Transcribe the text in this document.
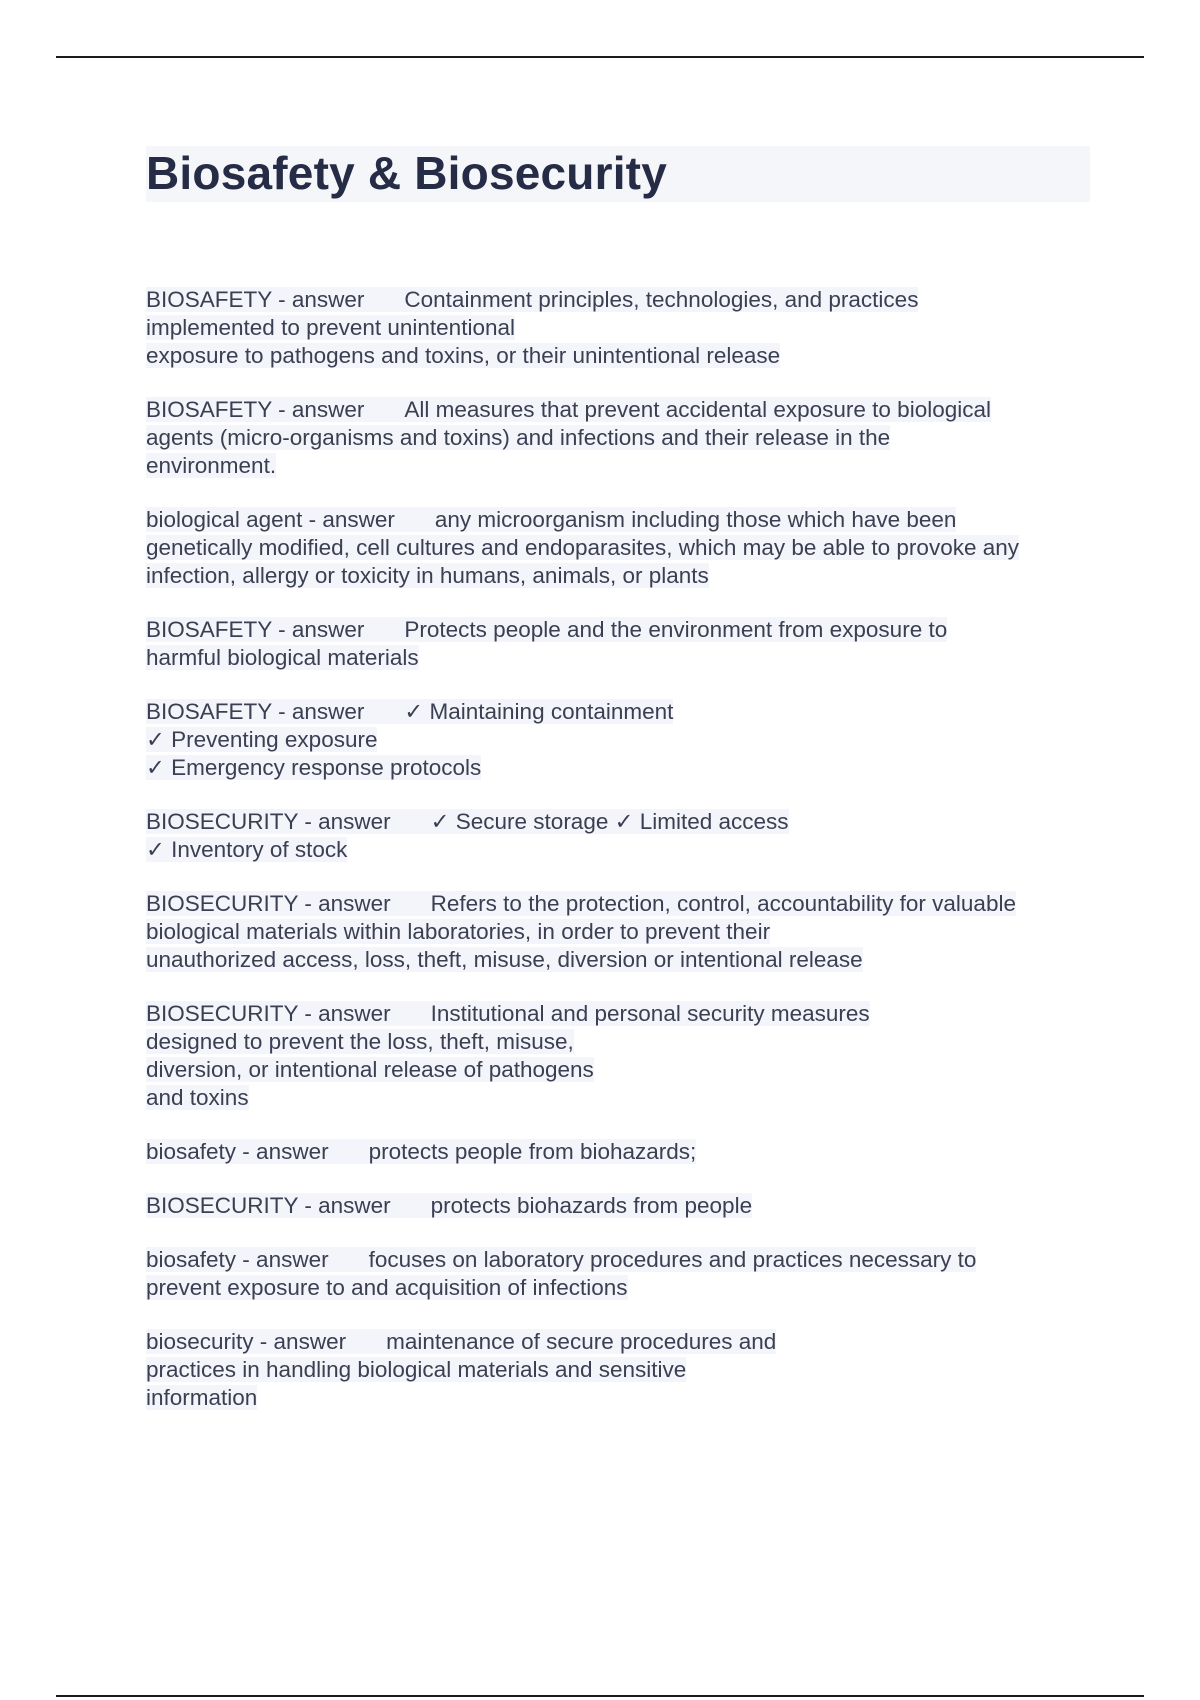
Biosafety & Biosecurity
BIOSAFETY - answer Containment principles, technologies, and practices
implemented to prevent unintentional
exposure to pathogens and toxins, or their unintentional release
BIOSAFETY - answer All measures that prevent accidental exposure to biological
agents (micro-organisms and toxins) and infections and their release in the
environment.
biological agent - answer any microorganism including those which have been
genetically modified, cell cultures and endoparasites, which may be able to provoke any
infection, allergy or toxicity in humans, animals, or plants
BIOSAFETY - answer Protects people and the environment from exposure to
harmful biological materials
BIOSAFETY - answer ✓ Maintaining containment
✓ Preventing exposure
✓ Emergency response protocols
BIOSECURITY - answer ✓ Secure storage ✓ Limited access
✓ Inventory of stock
BIOSECURITY - answer Refers to the protection, control, accountability for valuable
biological materials within laboratories, in order to prevent their
unauthorized access, loss, theft, misuse, diversion or intentional release
BIOSECURITY - answer Institutional and personal security measures
designed to prevent the loss, theft, misuse,
diversion, or intentional release of pathogens
and toxins
biosafety - answer protects people from biohazards;
BIOSECURITY - answer protects biohazards from people
biosafety - answer focuses on laboratory procedures and practices necessary to
prevent exposure to and acquisition of infections
biosecurity - answer maintenance of secure procedures and
practices in handling biological materials and sensitive
information
